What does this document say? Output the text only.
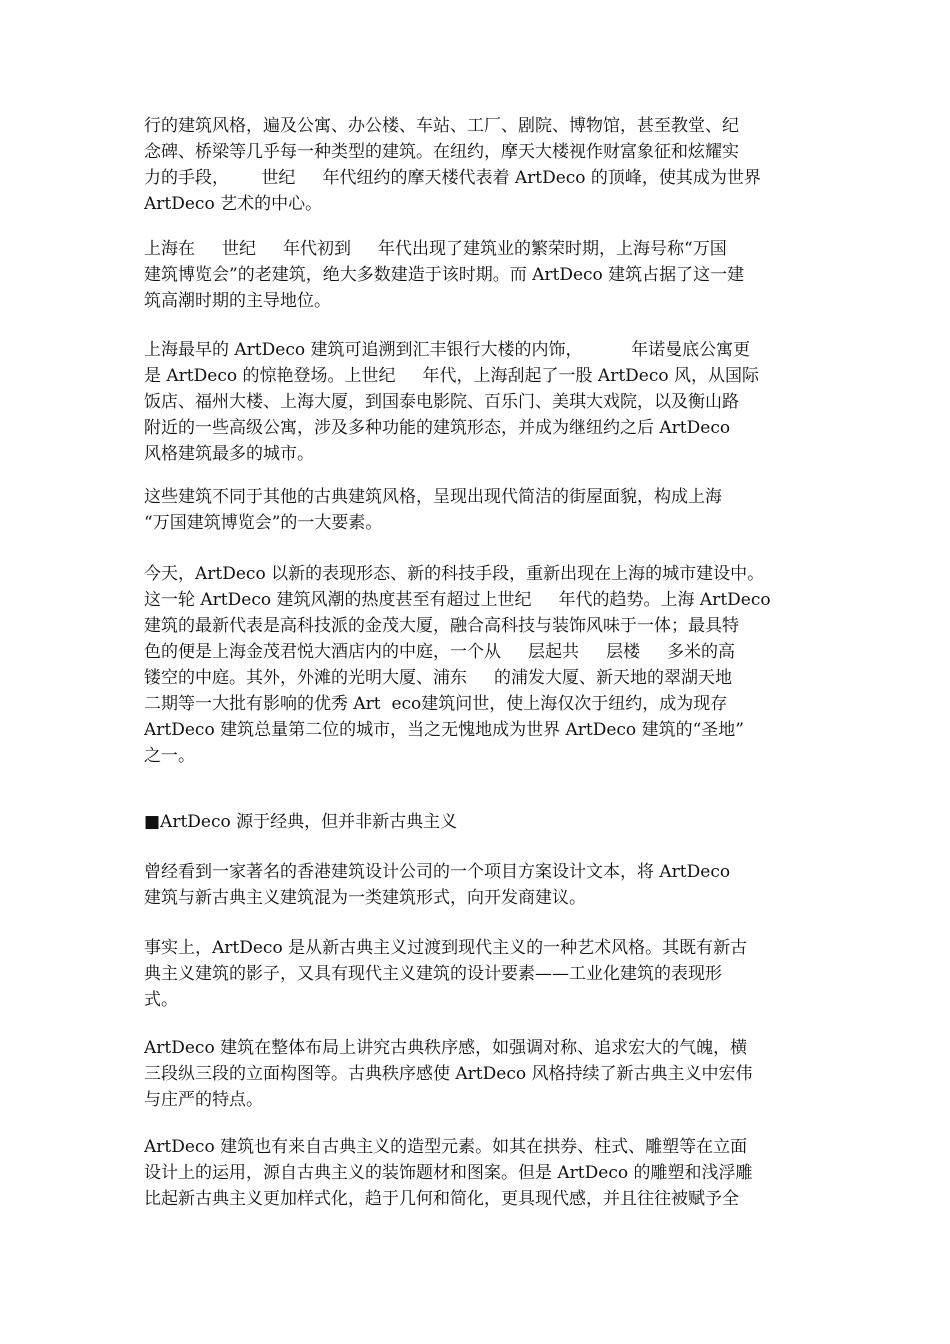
行的建筑风格，遍及公寓、办公楼、车站、工厂、剧院、博物馆，甚至教堂、纪
念碑、桥梁等几乎每一种类型的建筑。在纽约，摩天大楼视作财富象征和炫耀实
力的手段，      世纪     年代纽约的摩天楼代表着 ArtDeco 的顶峰，使其成为世界
ArtDeco 艺术的中心。
上海在     世纪     年代初到     年代出现了建筑业的繁荣时期，上海号称“万国
建筑博览会”的老建筑，绝大多数建造于该时期。而 ArtDeco 建筑占据了这一建
筑高潮时期的主导地位。
上海最早的 ArtDeco 建筑可追溯到汇丰银行大楼的内饰，         年诺曼底公寓更
是 ArtDeco 的惊艳登场。上世纪     年代，上海刮起了一股 ArtDeco 风，从国际
饭店、福州大楼、上海大厦，到国泰电影院、百乐门、美琪大戏院，以及衡山路
附近的一些高级公寓，涉及多种功能的建筑形态，并成为继纽约之后 ArtDeco
风格建筑最多的城市。
这些建筑不同于其他的古典建筑风格，呈现出现代简洁的街屋面貌，构成上海
“万国建筑博览会”的一大要素。
今天，ArtDeco 以新的表现形态、新的科技手段，重新出现在上海的城市建设中。
这一轮 ArtDeco 建筑风潮的热度甚至有超过上世纪     年代的趋势。上海 ArtDeco
建筑的最新代表是高科技派的金茂大厦，融合高科技与装饰风味于一体；最具特
色的便是上海金茂君悦大酒店内的中庭，一个从     层起共     层楼     多米的高
镂空的中庭。其外，外滩的光明大厦、浦东     的浦发大厦、新天地的翠湖天地
二期等一大批有影响的优秀 Art  eco建筑问世，使上海仅次于纽约，成为现存
ArtDeco 建筑总量第二位的城市，当之无愧地成为世界 ArtDeco 建筑的“圣地”
之一。
■ArtDeco 源于经典，但并非新古典主义
曾经看到一家著名的香港建筑设计公司的一个项目方案设计文本，将 ArtDeco
建筑与新古典主义建筑混为一类建筑形式，向开发商建议。
事实上，ArtDeco 是从新古典主义过渡到现代主义的一种艺术风格。其既有新古
典主义建筑的影子，又具有现代主义建筑的设计要素——工业化建筑的表现形
式。
ArtDeco 建筑在整体布局上讲究古典秩序感，如强调对称、追求宏大的气魄，横
三段纵三段的立面构图等。古典秩序感使 ArtDeco 风格持续了新古典主义中宏伟
与庄严的特点。
ArtDeco 建筑也有来自古典主义的造型元素。如其在拱券、柱式、雕塑等在立面
设计上的运用，源自古典主义的装饰题材和图案。但是 ArtDeco 的雕塑和浅浮雕
比起新古典主义更加样式化，趋于几何和简化，更具现代感，并且往往被赋予全
